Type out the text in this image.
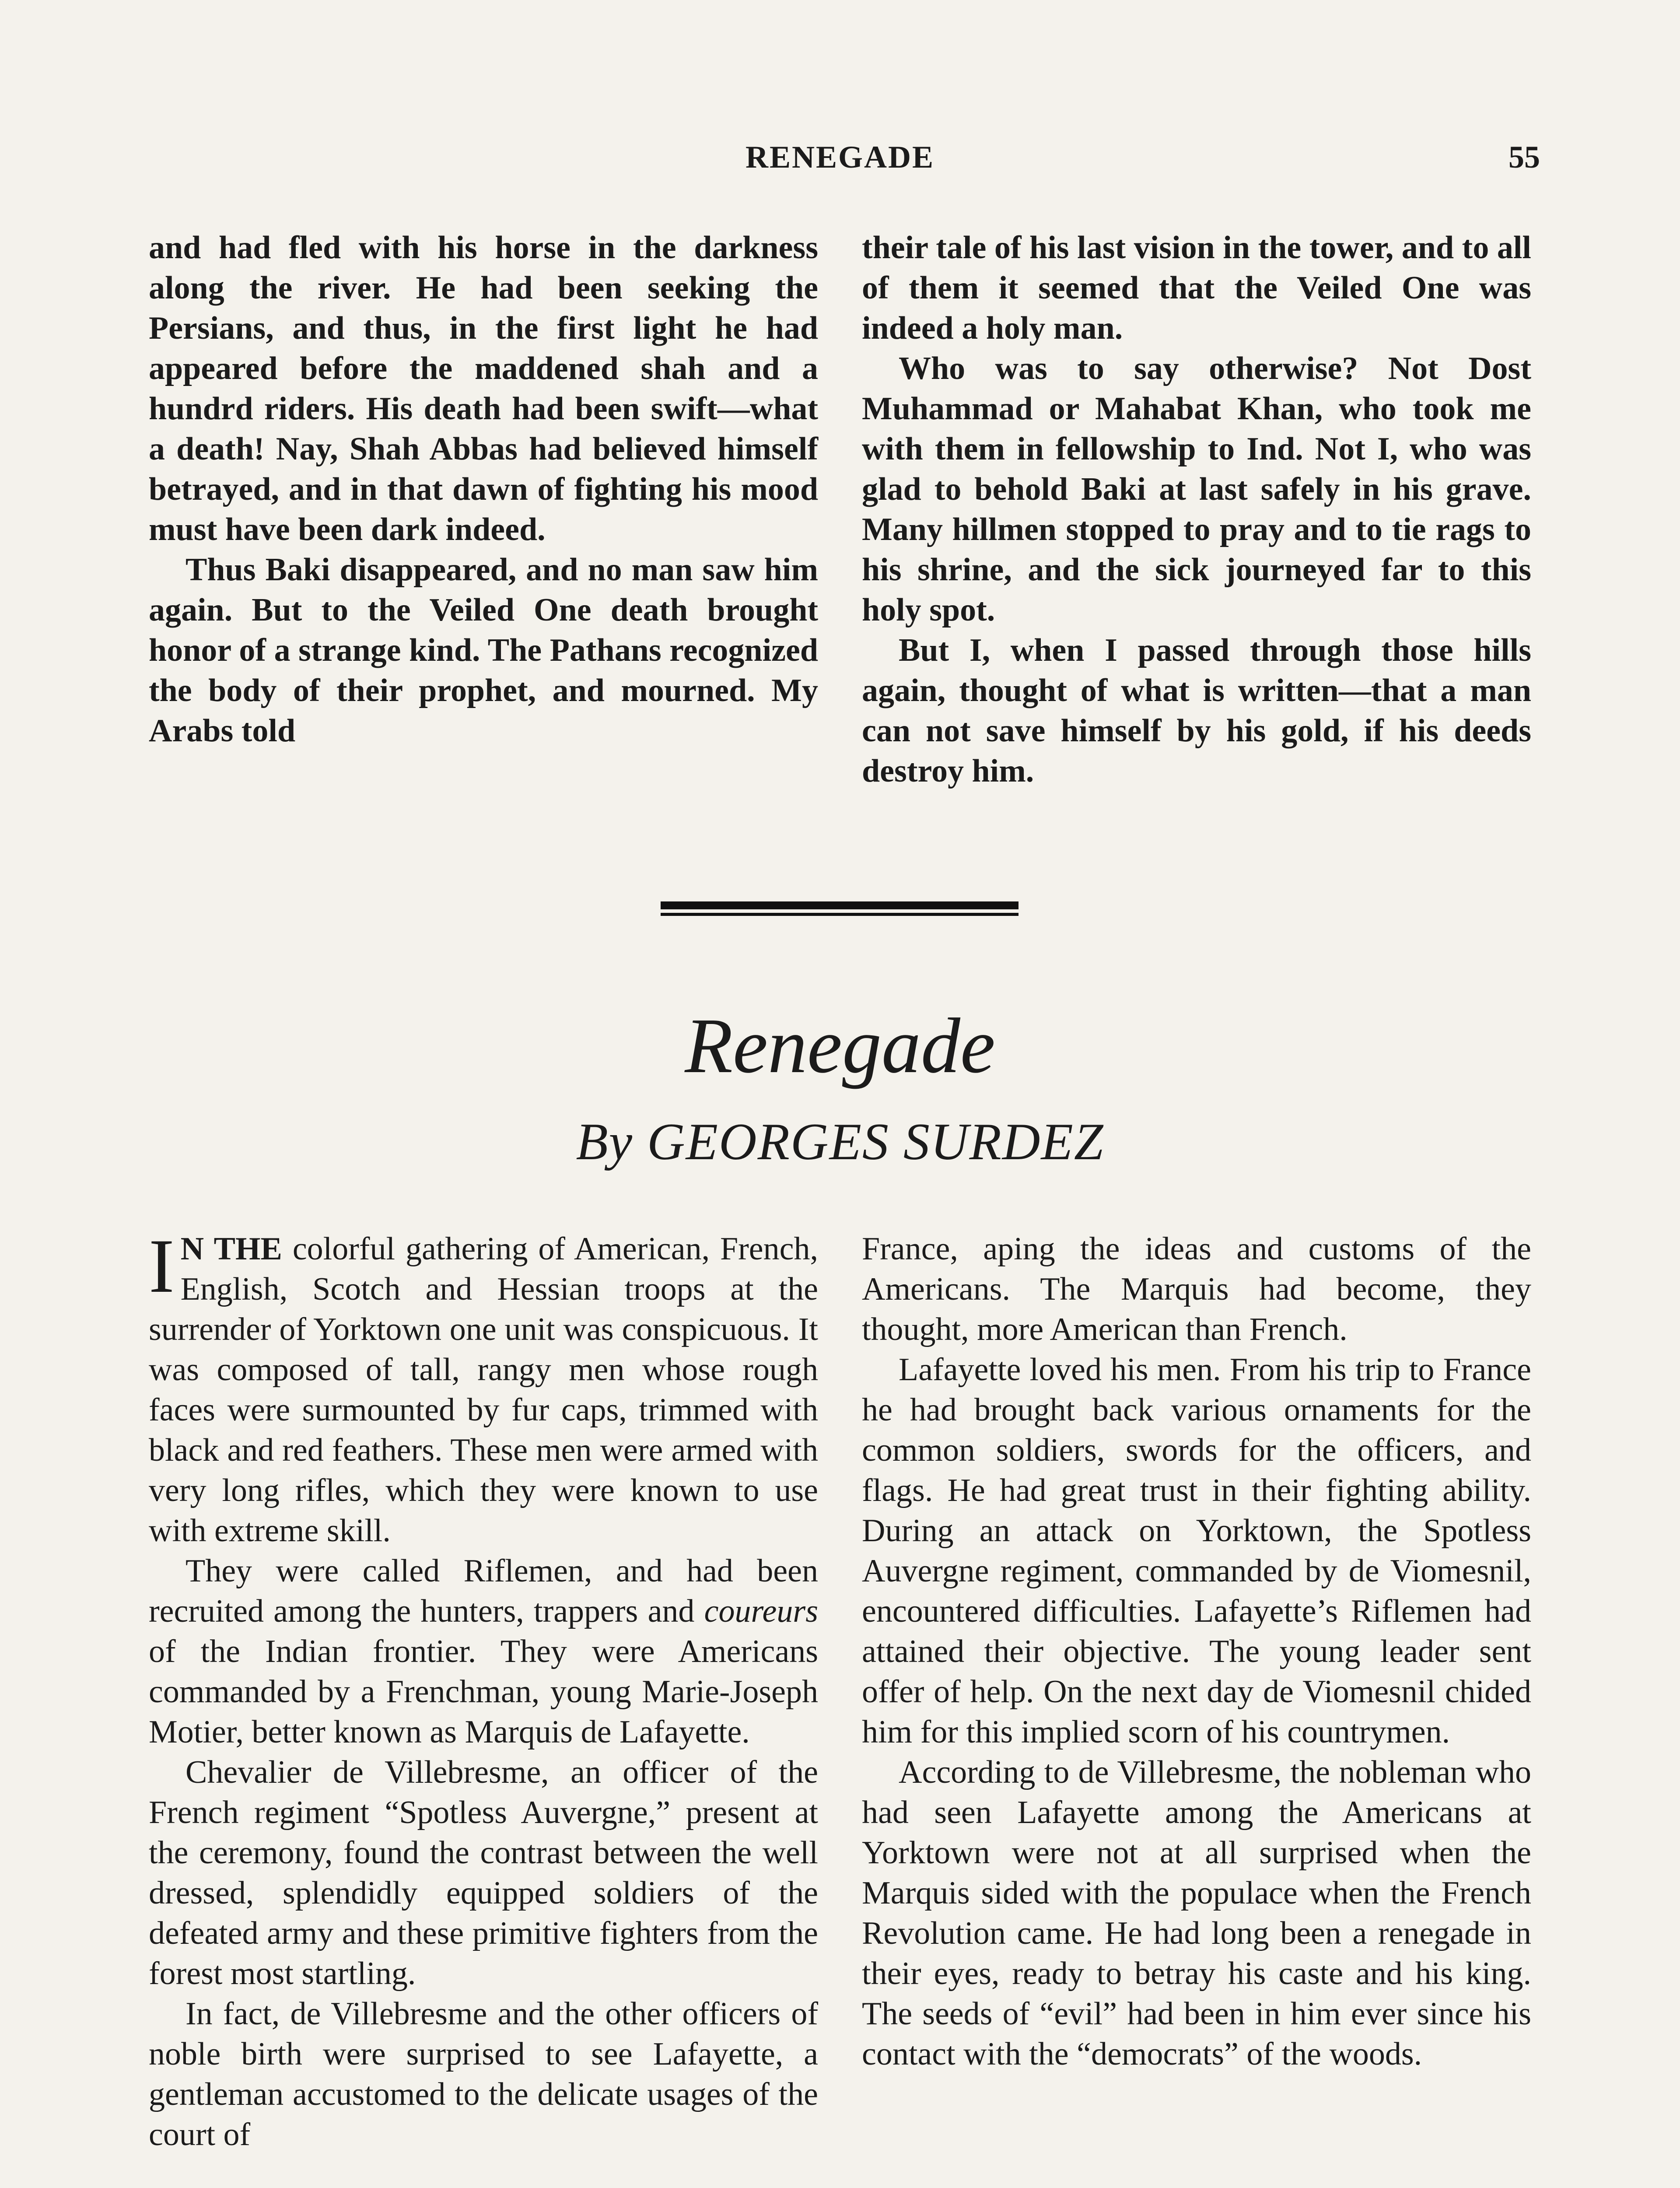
RENEGADE	55

and had fled with his horse in the darkness along the river. He had been seeking the Persians, and thus, in the first light he had appeared before the maddened shah and a hundrd riders. His death had been swift—what a death! Nay, Shah Abbas had believed himself betrayed, and in that dawn of fighting his mood must have been dark indeed.

Thus Baki disappeared, and no man saw him again. But to the Veiled One death brought honor of a strange kind. The Pathans recognized the body of their prophet, and mourned. My Arabs told

their tale of his last vision in the tower, and to all of them it seemed that the Veiled One was indeed a holy man.

Who was to say otherwise? Not Dost Muhammad or Mahabat Khan, who took me with them in fellowship to Ind. Not I, who was glad to behold Baki at last safely in his grave. Many hillmen stopped to pray and to tie rags to his shrine, and the sick journeyed far to this holy spot.

But I, when I passed through those hills again, thought of what is written—that a man can not save himself by his gold, if his deeds destroy him.

Renegade
By GEORGES SURDEZ

I N THE colorful gathering of American, French, English, Scotch and Hessian troops at the surrender of Yorktown one unit was conspicuous. It was composed of tall, rangy men whose rough faces were surmounted by fur caps, trimmed with black and red feathers. These men were armed with very long rifles, which they were known to use with extreme skill.

They were called Riflemen, and had been recruited among the hunters, trappers and coureurs of the Indian frontier. They were Americans commanded by a Frenchman, young Marie-Joseph Motier, better known as Marquis de Lafayette.

Chevalier de Villebresme, an officer of the French regiment “Spotless Auvergne,” present at the ceremony, found the contrast between the well dressed, splendidly equipped soldiers of the defeated army and these primitive fighters from the forest most startling.

In fact, de Villebresme and the other officers of noble birth were surprised to see Lafayette, a gentleman accustomed to the delicate usages of the court of

France, aping the ideas and customs of the Americans. The Marquis had become, they thought, more American than French.

Lafayette loved his men. From his trip to France he had brought back various ornaments for the common soldiers, swords for the officers, and flags. He had great trust in their fighting ability. During an attack on Yorktown, the Spotless Auvergne regiment, commanded by de Viomesnil, encountered difficulties. Lafayette’s Riflemen had attained their objective. The young leader sent offer of help. On the next day de Viomesnil chided him for this implied scorn of his countrymen.

According to de Villebresme, the nobleman who had seen Lafayette among the Americans at Yorktown were not at all surprised when the Marquis sided with the populace when the French Revolution came. He had long been a renegade in their eyes, ready to betray his caste and his king. The seeds of “evil” had been in him ever since his contact with the “democrats” of the woods.
